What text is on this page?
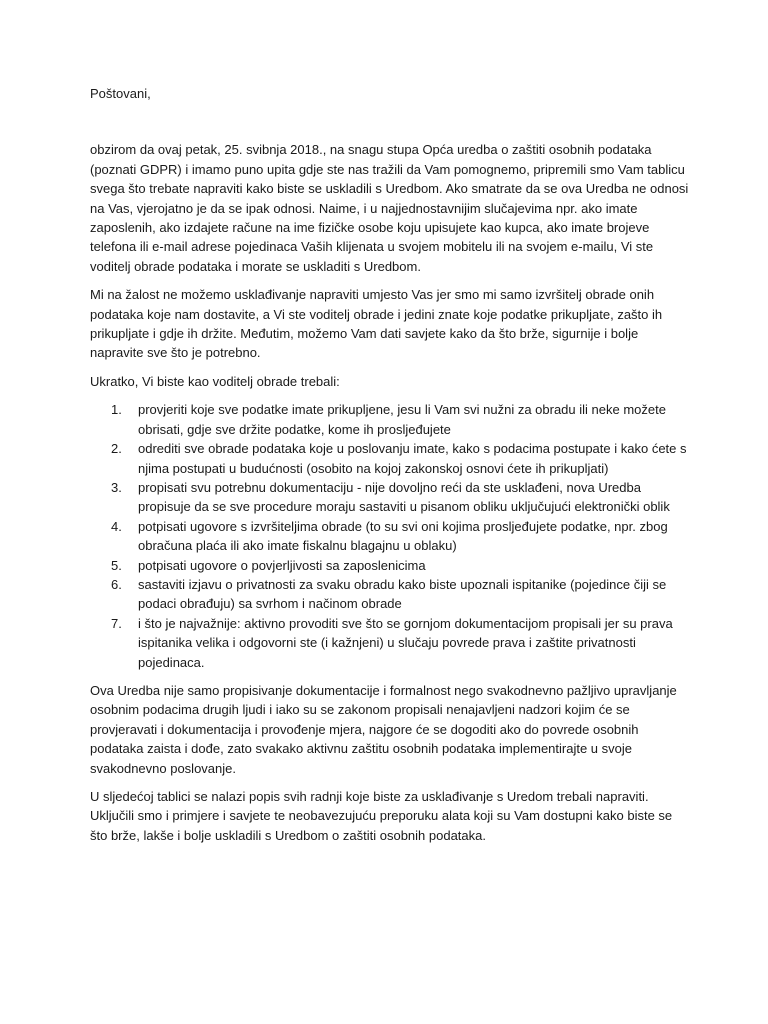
Poštovani,

obzirom da ovaj petak, 25. svibnja 2018., na snagu stupa Opća uredba o zaštiti osobnih podataka (poznati GDPR) i imamo puno upita gdje ste nas tražili da Vam pomognemo, pripremili smo Vam tablicu svega što trebate napraviti kako biste se uskladili s Uredbom. Ako smatrate da se ova Uredba ne odnosi na Vas, vjerojatno je da se ipak odnosi. Naime, i u najjednostavnijim slučajevima npr. ako imate zaposlenih, ako izdajete račune na ime fizičke osobe koju upisujete kao kupca, ako imate brojeve telefona ili e-mail adrese pojedinaca Vaših klijenata u svojem mobitelu ili na svojem e-mailu, Vi ste voditelj obrade podataka i morate se uskladiti s Uredbom.

Mi na žalost ne možemo usklađivanje napraviti umjesto Vas jer smo mi samo izvršitelj obrade onih podataka koje nam dostavite, a Vi ste voditelj obrade i jedini znate koje podatke prikupljate, zašto ih prikupljate i gdje ih držite. Međutim, možemo Vam dati savjete kako da što brže, sigurnije i bolje napravite sve što je potrebno.

Ukratko, Vi biste kao voditelj obrade trebali:

1. provjeriti koje sve podatke imate prikupljene, jesu li Vam svi nužni za obradu ili neke možete obrisati, gdje sve držite podatke, kome ih prosljeđujete
2. odrediti sve obrade podataka koje u poslovanju imate, kako s podacima postupate i kako ćete s njima postupati u budućnosti (osobito na kojoj zakonskoj osnovi ćete ih prikupljati)
3. propisati svu potrebnu dokumentaciju - nije dovoljno reći da ste usklađeni, nova Uredba propisuje da se sve procedure moraju sastaviti u pisanom obliku uključujući elektronički oblik
4. potpisati ugovore s izvršiteljima obrade (to su svi oni kojima prosljeđujete podatke, npr. zbog obračuna plaća ili ako imate fiskalnu blagajnu u oblaku)
5. potpisati ugovore o povjerljivosti sa zaposlenicima
6. sastaviti izjavu o privatnosti za svaku obradu kako biste upoznali ispitanike (pojedince čiji se podaci obrađuju) sa svrhom i načinom obrade
7. i što je najvažnije: aktivno provoditi sve što se gornjom dokumentacijom propisali jer su prava ispitanika velika i odgovorni ste (i kažnjeni) u slučaju povrede prava i zaštite privatnosti pojedinaca.

Ova Uredba nije samo propisivanje dokumentacije i formalnost nego svakodnevno pažljivo upravljanje osobnim podacima drugih ljudi i iako su se zakonom propisali nenajavljeni nadzori kojim će se provjeravati i dokumentacija i provođenje mjera, najgore će se dogoditi ako do povrede osobnih podataka zaista i dođe, zato svakako aktivnu zaštitu osobnih podataka implementirajte u svoje svakodnevno poslovanje.

U sljedećoj tablici se nalazi popis svih radnji koje biste za usklađivanje s Uredom trebali napraviti. Uključili smo i primjere i savjete te neobavezujuću preporuku alata koji su Vam dostupni kako biste se što brže, lakše i bolje uskladili s Uredbom o zaštiti osobnih podataka.
